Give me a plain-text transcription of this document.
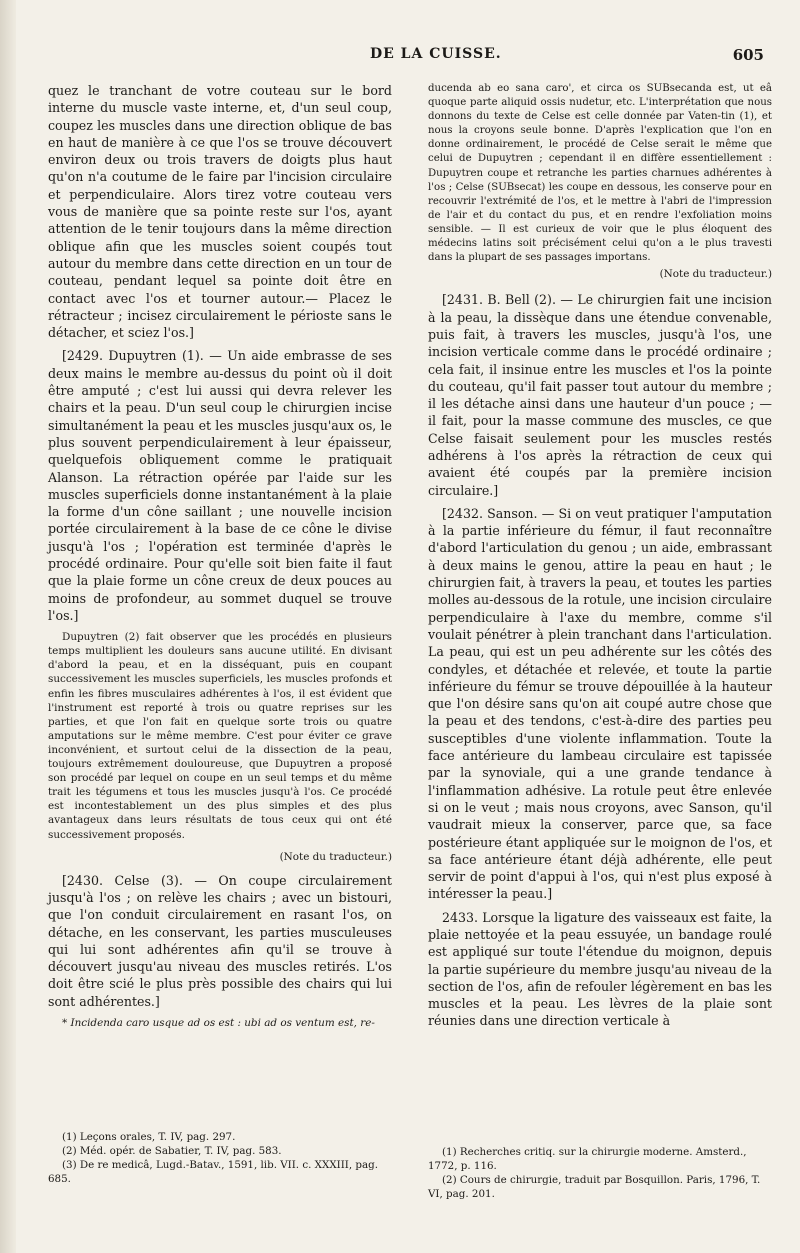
DE LA CUISSE.	605

quez le tranchant de votre couteau sur le bord interne du muscle vaste interne, et, d'un seul coup, coupez les muscles dans une direction oblique de bas en haut de manière à ce que l'os se trouve découvert environ deux ou trois travers de doigts plus haut qu'on n'a coutume de le faire par l'incision circulaire et perpendiculaire. Alors tirez votre couteau vers vous de manière que sa pointe reste sur l'os, ayant attention de le tenir toujours dans la même direction oblique afin que les muscles soient coupés tout autour du membre dans cette direction en un tour de couteau, pendant lequel sa pointe doit être en contact avec l'os et tourner autour.— Placez le rétracteur ; incisez circulairement le périoste sans le détacher, et sciez l'os.]

[2429. Dupuytren (1). — Un aide embrasse de ses deux mains le membre au-dessus du point où il doit être amputé ; c'est lui aussi qui devra relever les chairs et la peau. D'un seul coup le chirurgien incise simultanément la peau et les muscles jusqu'aux os, le plus souvent perpendiculairement à leur épaisseur, quelquefois obliquement comme le pratiquait Alanson. La rétraction opérée par l'aide sur les muscles superficiels donne instantanément à la plaie la forme d'un cône saillant ; une nouvelle incision portée circulairement à la base de ce cône le divise jusqu'à l'os ; l'opération est terminée d'après le procédé ordinaire. Pour qu'elle soit bien faite il faut que la plaie forme un cône creux de deux pouces au moins de profondeur, au sommet duquel se trouve l'os.]

Dupuytren (2) fait observer que les procédés en plusieurs temps multiplient les douleurs sans aucune utilité. En divisant d'abord la peau, et en la disséquant, puis en coupant successivement les muscles superficiels, les muscles profonds et enfin les fibres musculaires adhérentes à l'os, il est évident que l'instrument est reporté à trois ou quatre reprises sur les parties, et que l'on fait en quelque sorte trois ou quatre amputations sur le même membre. C'est pour éviter ce grave inconvénient, et surtout celui de la dissection de la peau, toujours extrêmement douloureuse, que Dupuytren a proposé son procédé par lequel on coupe en un seul temps et du même trait les tégumens et tous les muscles jusqu'à l'os. Ce procédé est incontestablement un des plus simples et des plus avantageux dans leurs résultats de tous ceux qui ont été successivement proposés.

(Note du traducteur.)

[2430. Celse (3). — On coupe circulairement jusqu'à l'os ; on relève les chairs ; avec un bistouri, que l'on conduit circulairement en rasant l'os, on détache, en les conservant, les parties musculeuses qui lui sont adhérentes afin qu'il se trouve à découvert jusqu'au niveau des muscles retirés. L'os doit être scié le plus près possible des chairs qui lui sont adhérentes.]

* Incidenda caro usque ad os est : ubi ad os ventum est, re-

ducenda ab eo sana caro', et circa os SUBsecanda est, ut eâ quoque parte aliquid ossis nudetur, etc. L'interprétation que nous donnons du texte de Celse est celle donnée par Vaten-tin (1), et nous la croyons seule bonne. D'après l'explication que l'on en donne ordinairement, le procédé de Celse serait le même que celui de Dupuytren ; cependant il en diffère essentiellement : Dupuytren coupe et retranche les parties charnues adhérentes à l'os ; Celse (SUBsecat) les coupe en dessous, les conserve pour en recouvrir l'extrémité de l'os, et le mettre à l'abri de l'impression de l'air et du contact du pus, et en rendre l'exfoliation moins sensible. — Il est curieux de voir que le plus éloquent des médecins latins soit précisément celui qu'on a le plus travesti dans la plupart de ses passages importans.

(Note du traducteur.)

[2431. B. Bell (2). — Le chirurgien fait une incision à la peau, la dissèque dans une étendue convenable, puis fait, à travers les muscles, jusqu'à l'os, une incision verticale comme dans le procédé ordinaire ; cela fait, il insinue entre les muscles et l'os la pointe du couteau, qu'il fait passer tout autour du membre ; il les détache ainsi dans une hauteur d'un pouce ; — il fait, pour la masse commune des muscles, ce que Celse faisait seulement pour les muscles restés adhérens à l'os après la rétraction de ceux qui avaient été coupés par la première incision circulaire.]

[2432. Sanson. — Si on veut pratiquer l'amputation à la partie inférieure du fémur, il faut reconnaître d'abord l'articulation du genou ; un aide, embrassant à deux mains le genou, attire la peau en haut ; le chirurgien fait, à travers la peau, et toutes les parties molles au-dessous de la rotule, une incision circulaire perpendiculaire à l'axe du membre, comme s'il voulait pénétrer à plein tranchant dans l'articulation. La peau, qui est un peu adhérente sur les côtés des condyles, et détachée et relevée, et toute la partie inférieure du fémur se trouve dépouillée à la hauteur que l'on désire sans qu'on ait coupé autre chose que la peau et des tendons, c'est-à-dire des parties peu susceptibles d'une violente inflammation. Toute la face antérieure du lambeau circulaire est tapissée par la synoviale, qui a une grande tendance à l'inflammation adhésive. La rotule peut être enlevée si on le veut ; mais nous croyons, avec Sanson, qu'il vaudrait mieux la conserver, parce que, sa face postérieure étant appliquée sur le moignon de l'os, et sa face antérieure étant déjà adhérente, elle peut servir de point d'appui à l'os, qui n'est plus exposé à intéresser la peau.]

2433. Lorsque la ligature des vaisseaux est faite, la plaie nettoyée et la peau essuyée, un bandage roulé est appliqué sur toute l'étendue du moignon, depuis la partie supérieure du membre jusqu'au niveau de la section de l'os, afin de refouler légèrement en bas les muscles et la peau. Les lèvres de la plaie sont réunies dans une direction verticale à

(1) Leçons orales, T. IV, pag. 297.

(2) Méd. opér. de Sabatier, T. IV, pag. 583.

(3) De re medicâ, Lugd.-Batav., 1591, lib. VII. c. XXXIII, pag. 685.

(1) Recherches critiq. sur la chirurgie moderne. Amsterd., 1772, p. 116.

(2) Cours de chirurgie, traduit par Bosquillon. Paris, 1796, T. VI, pag. 201.
